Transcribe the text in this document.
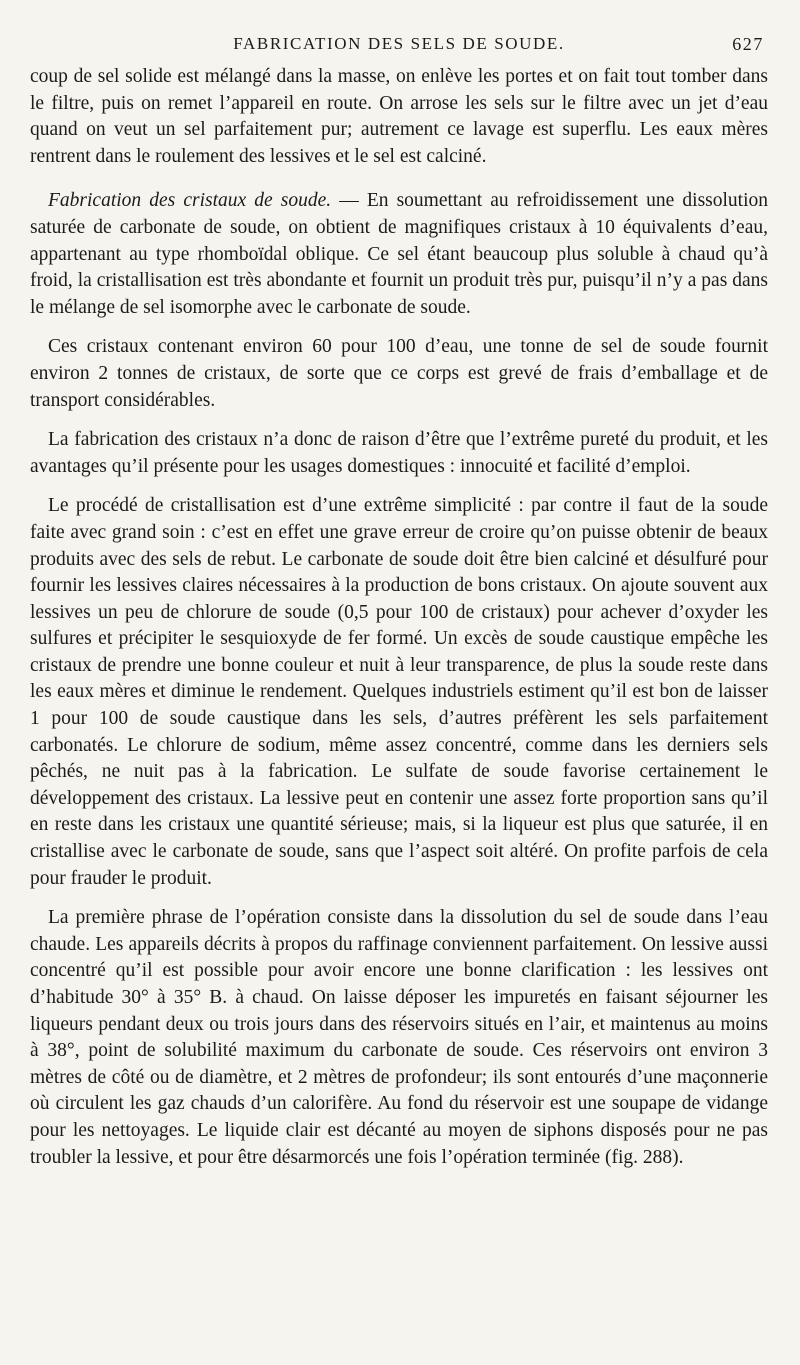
FABRICATION DES SELS DE SOUDE.	627

coup de sel solide est mélangé dans la masse, on enlève les portes et on fait tout tomber dans le filtre, puis on remet l’appareil en route. On arrose les sels sur le filtre avec un jet d’eau quand on veut un sel parfaitement pur; autrement ce lavage est superflu. Les eaux mères rentrent dans le roulement des lessives et le sel est calciné.

Fabrication des cristaux de soude. — En soumettant au refroidissement une dissolution saturée de carbonate de soude, on obtient de magnifiques cristaux à 10 équivalents d’eau, appartenant au type rhomboïdal oblique. Ce sel étant beaucoup plus soluble à chaud qu’à froid, la cristallisation est très abondante et fournit un produit très pur, puisqu’il n’y a pas dans le mélange de sel isomorphe avec le carbonate de soude.

Ces cristaux contenant environ 60 pour 100 d’eau, une tonne de sel de soude fournit environ 2 tonnes de cristaux, de sorte que ce corps est grevé de frais d’emballage et de transport considérables.

La fabrication des cristaux n’a donc de raison d’être que l’extrême pureté du produit, et les avantages qu’il présente pour les usages domestiques : innocuité et facilité d’emploi.

Le procédé de cristallisation est d’une extrême simplicité : par contre il faut de la soude faite avec grand soin : c’est en effet une grave erreur de croire qu’on puisse obtenir de beaux produits avec des sels de rebut. Le carbonate de soude doit être bien calciné et désulfuré pour fournir les lessives claires nécessaires à la production de bons cristaux. On ajoute souvent aux lessives un peu de chlorure de soude (0,5 pour 100 de cristaux) pour achever d’oxyder les sulfures et précipiter le sesquioxyde de fer formé. Un excès de soude caustique empêche les cristaux de prendre une bonne couleur et nuit à leur transparence, de plus la soude reste dans les eaux mères et diminue le rendement. Quelques industriels estiment qu’il est bon de laisser 1 pour 100 de soude caustique dans les sels, d’autres préfèrent les sels parfaitement carbonatés. Le chlorure de sodium, même assez concentré, comme dans les derniers sels pêchés, ne nuit pas à la fabrication. Le sulfate de soude favorise certainement le développement des cristaux. La lessive peut en contenir une assez forte proportion sans qu’il en reste dans les cristaux une quantité sérieuse; mais, si la liqueur est plus que saturée, il en cristallise avec le carbonate de soude, sans que l’aspect soit altéré. On profite parfois de cela pour frauder le produit.

La première phrase de l’opération consiste dans la dissolution du sel de soude dans l’eau chaude. Les appareils décrits à propos du raffinage conviennent parfaitement. On lessive aussi concentré qu’il est possible pour avoir encore une bonne clarification : les lessives ont d’habitude 30° à 35° B. à chaud. On laisse déposer les impuretés en faisant séjourner les liqueurs pendant deux ou trois jours dans des réservoirs situés en l’air, et maintenus au moins à 38°, point de solubilité maximum du carbonate de soude. Ces réservoirs ont environ 3 mètres de côté ou de diamètre, et 2 mètres de profondeur; ils sont entourés d’une maçonnerie où circulent les gaz chauds d’un calorifère. Au fond du réservoir est une soupape de vidange pour les nettoyages. Le liquide clair est décanté au moyen de siphons disposés pour ne pas troubler la lessive, et pour être désarmorcés une fois l’opération terminée (fig. 288).
